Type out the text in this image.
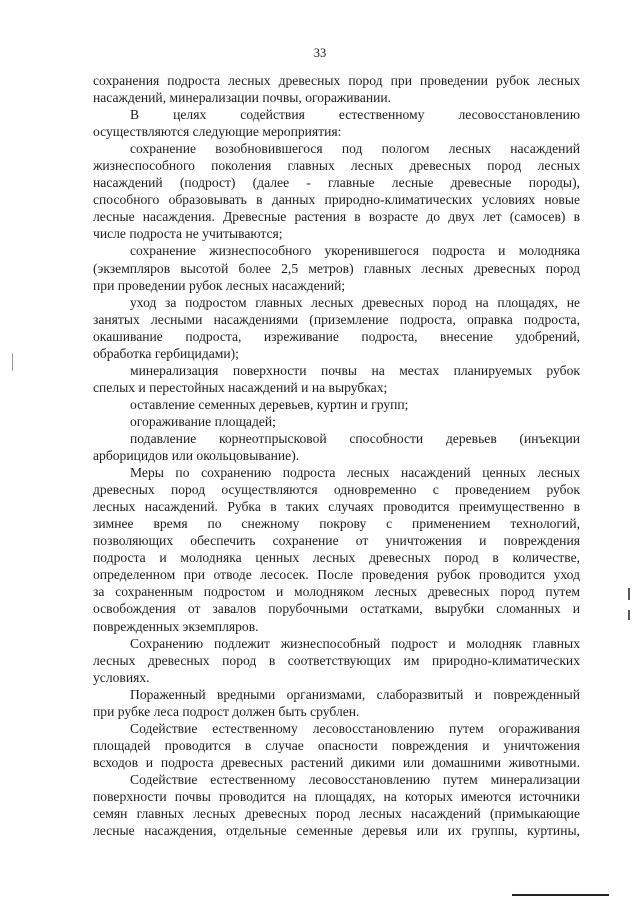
33
сохранения подроста лесных древесных пород при проведении рубок лесных
насаждений, минерализации почвы, огораживании.
В целях содействия естественному лесовосстановлению
осуществляются следующие мероприятия:
сохранение возобновившегося под пологом лесных насаждений
жизнеспособного поколения главных лесных древесных пород лесных
насаждений (подрост) (далее - главные лесные древесные породы),
способного образовывать в данных природно-климатических условиях новые
лесные насаждения. Древесные растения в возрасте до двух лет (самосев) в
числе подроста не учитываются;
сохранение жизнеспособного укоренившегося подроста и молодняка
(экземпляров высотой более 2,5 метров) главных лесных древесных пород
при проведении рубок лесных насаждений;
уход за подростом главных лесных древесных пород на площадях, не
занятых лесными насаждениями (приземление подроста, оправка подроста,
окашивание подроста, изреживание подроста, внесение удобрений,
обработка гербицидами);
минерализация поверхности почвы на местах планируемых рубок
спелых и перестойных насаждений и на вырубках;
оставление семенных деревьев, куртин и групп;
огораживание площадей;
подавление корнеотпрысковой способности деревьев (инъекции
арборицидов или окольцовывание).
Меры по сохранению подроста лесных насаждений ценных лесных
древесных пород осуществляются одновременно с проведением рубок
лесных насаждений. Рубка в таких случаях проводится преимущественно в
зимнее время по снежному покрову с применением технологий,
позволяющих обеспечить сохранение от уничтожения и повреждения
подроста и молодняка ценных лесных древесных пород в количестве,
определенном при отводе лесосек. После проведения рубок проводится уход
за сохраненным подростом и молодняком лесных древесных пород путем
освобождения от завалов порубочными остатками, вырубки сломанных и
поврежденных экземпляров.
Сохранению подлежит жизнеспособный подрост и молодняк главных
лесных древесных пород в соответствующих им природно-климатических
условиях.
Пораженный вредными организмами, слаборазвитый и поврежденный
при рубке леса подрост должен быть срублен.
Содействие естественному лесовосстановлению путем огораживания
площадей проводится в случае опасности повреждения и уничтожения
всходов и подроста древесных растений дикими или домашними животными.
Содействие естественному лесовосстановлению путем минерализации
поверхности почвы проводится на площадях, на которых имеются источники
семян главных лесных древесных пород лесных насаждений (примыкающие
лесные насаждения, отдельные семенные деревья или их группы, куртины,
